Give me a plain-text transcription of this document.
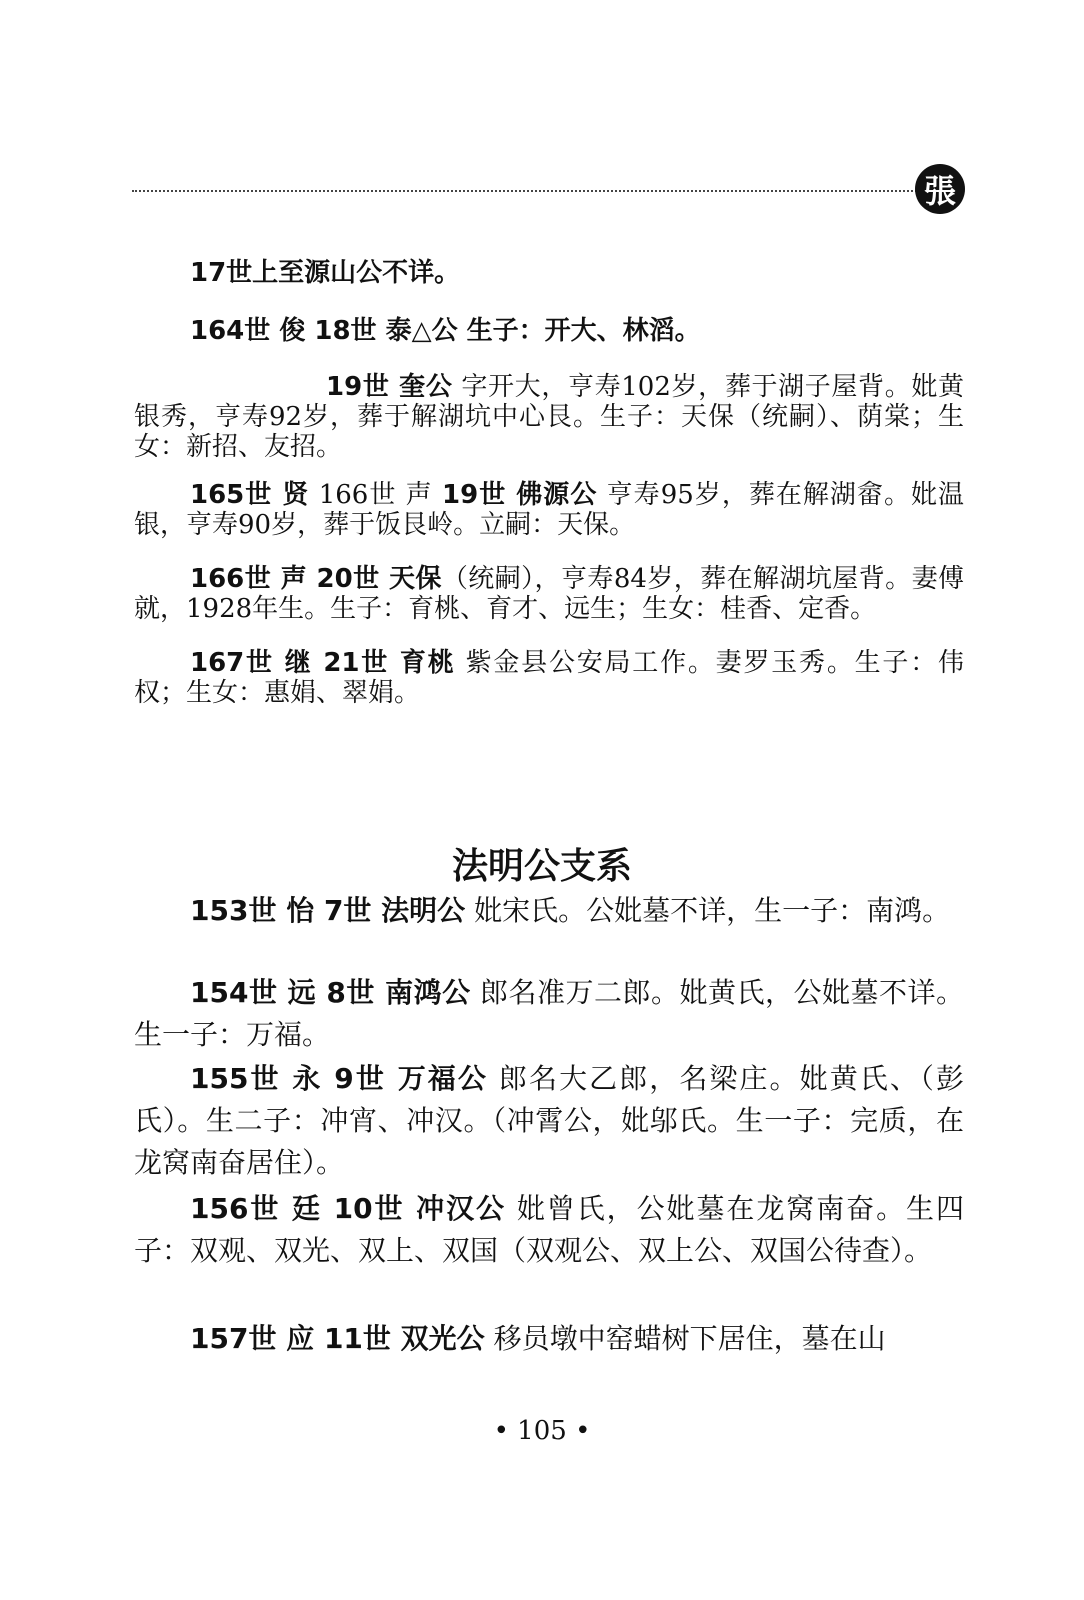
張

17世上至源山公不详。

164世 俊 18世 泰△公 生子：开大、林滔。

19世 奎公 字开大，亨寿102岁，葬于湖子屋背。妣黄银秀，亨寿92岁，葬于解湖坑中心艮。生子：天保（统嗣）、荫棠；生女：新招、友招。

165世 贤 166世 声 19世 佛源公 亨寿95岁，葬在解湖畲。妣温银，亨寿90岁，葬于饭艮岭。立嗣：天保。

166世 声 20世 天保（统嗣），亨寿84岁，葬在解湖坑屋背。妻傅就，1928年生。生子：育桃、育才、远生；生女：桂香、定香。

167世 继 21世 育桃 紫金县公安局工作。妻罗玉秀。生子：伟权；生女：惠娟、翠娟。

法明公支系

153世 怡 7世 法明公 妣宋氏。公妣墓不详，生一子：南鸿。

154世 远 8世 南鸿公 郎名准万二郎。妣黄氏，公妣墓不详。生一子：万福。

155世 永 9世 万福公 郎名大乙郎，名梁庄。妣黄氏、（彭氏）。生二子：冲宵、冲汉。（冲霄公，妣邬氏。生一子：完质，在龙窝南奋居住）。

156世 廷 10世 冲汉公 妣曾氏，公妣墓在龙窝南奋。生四子：双观、双光、双上、双国（双观公、双上公、双国公待查）。

157世 应 11世 双光公 移员墩中窑蜡树下居住，墓在山

• 105 •
